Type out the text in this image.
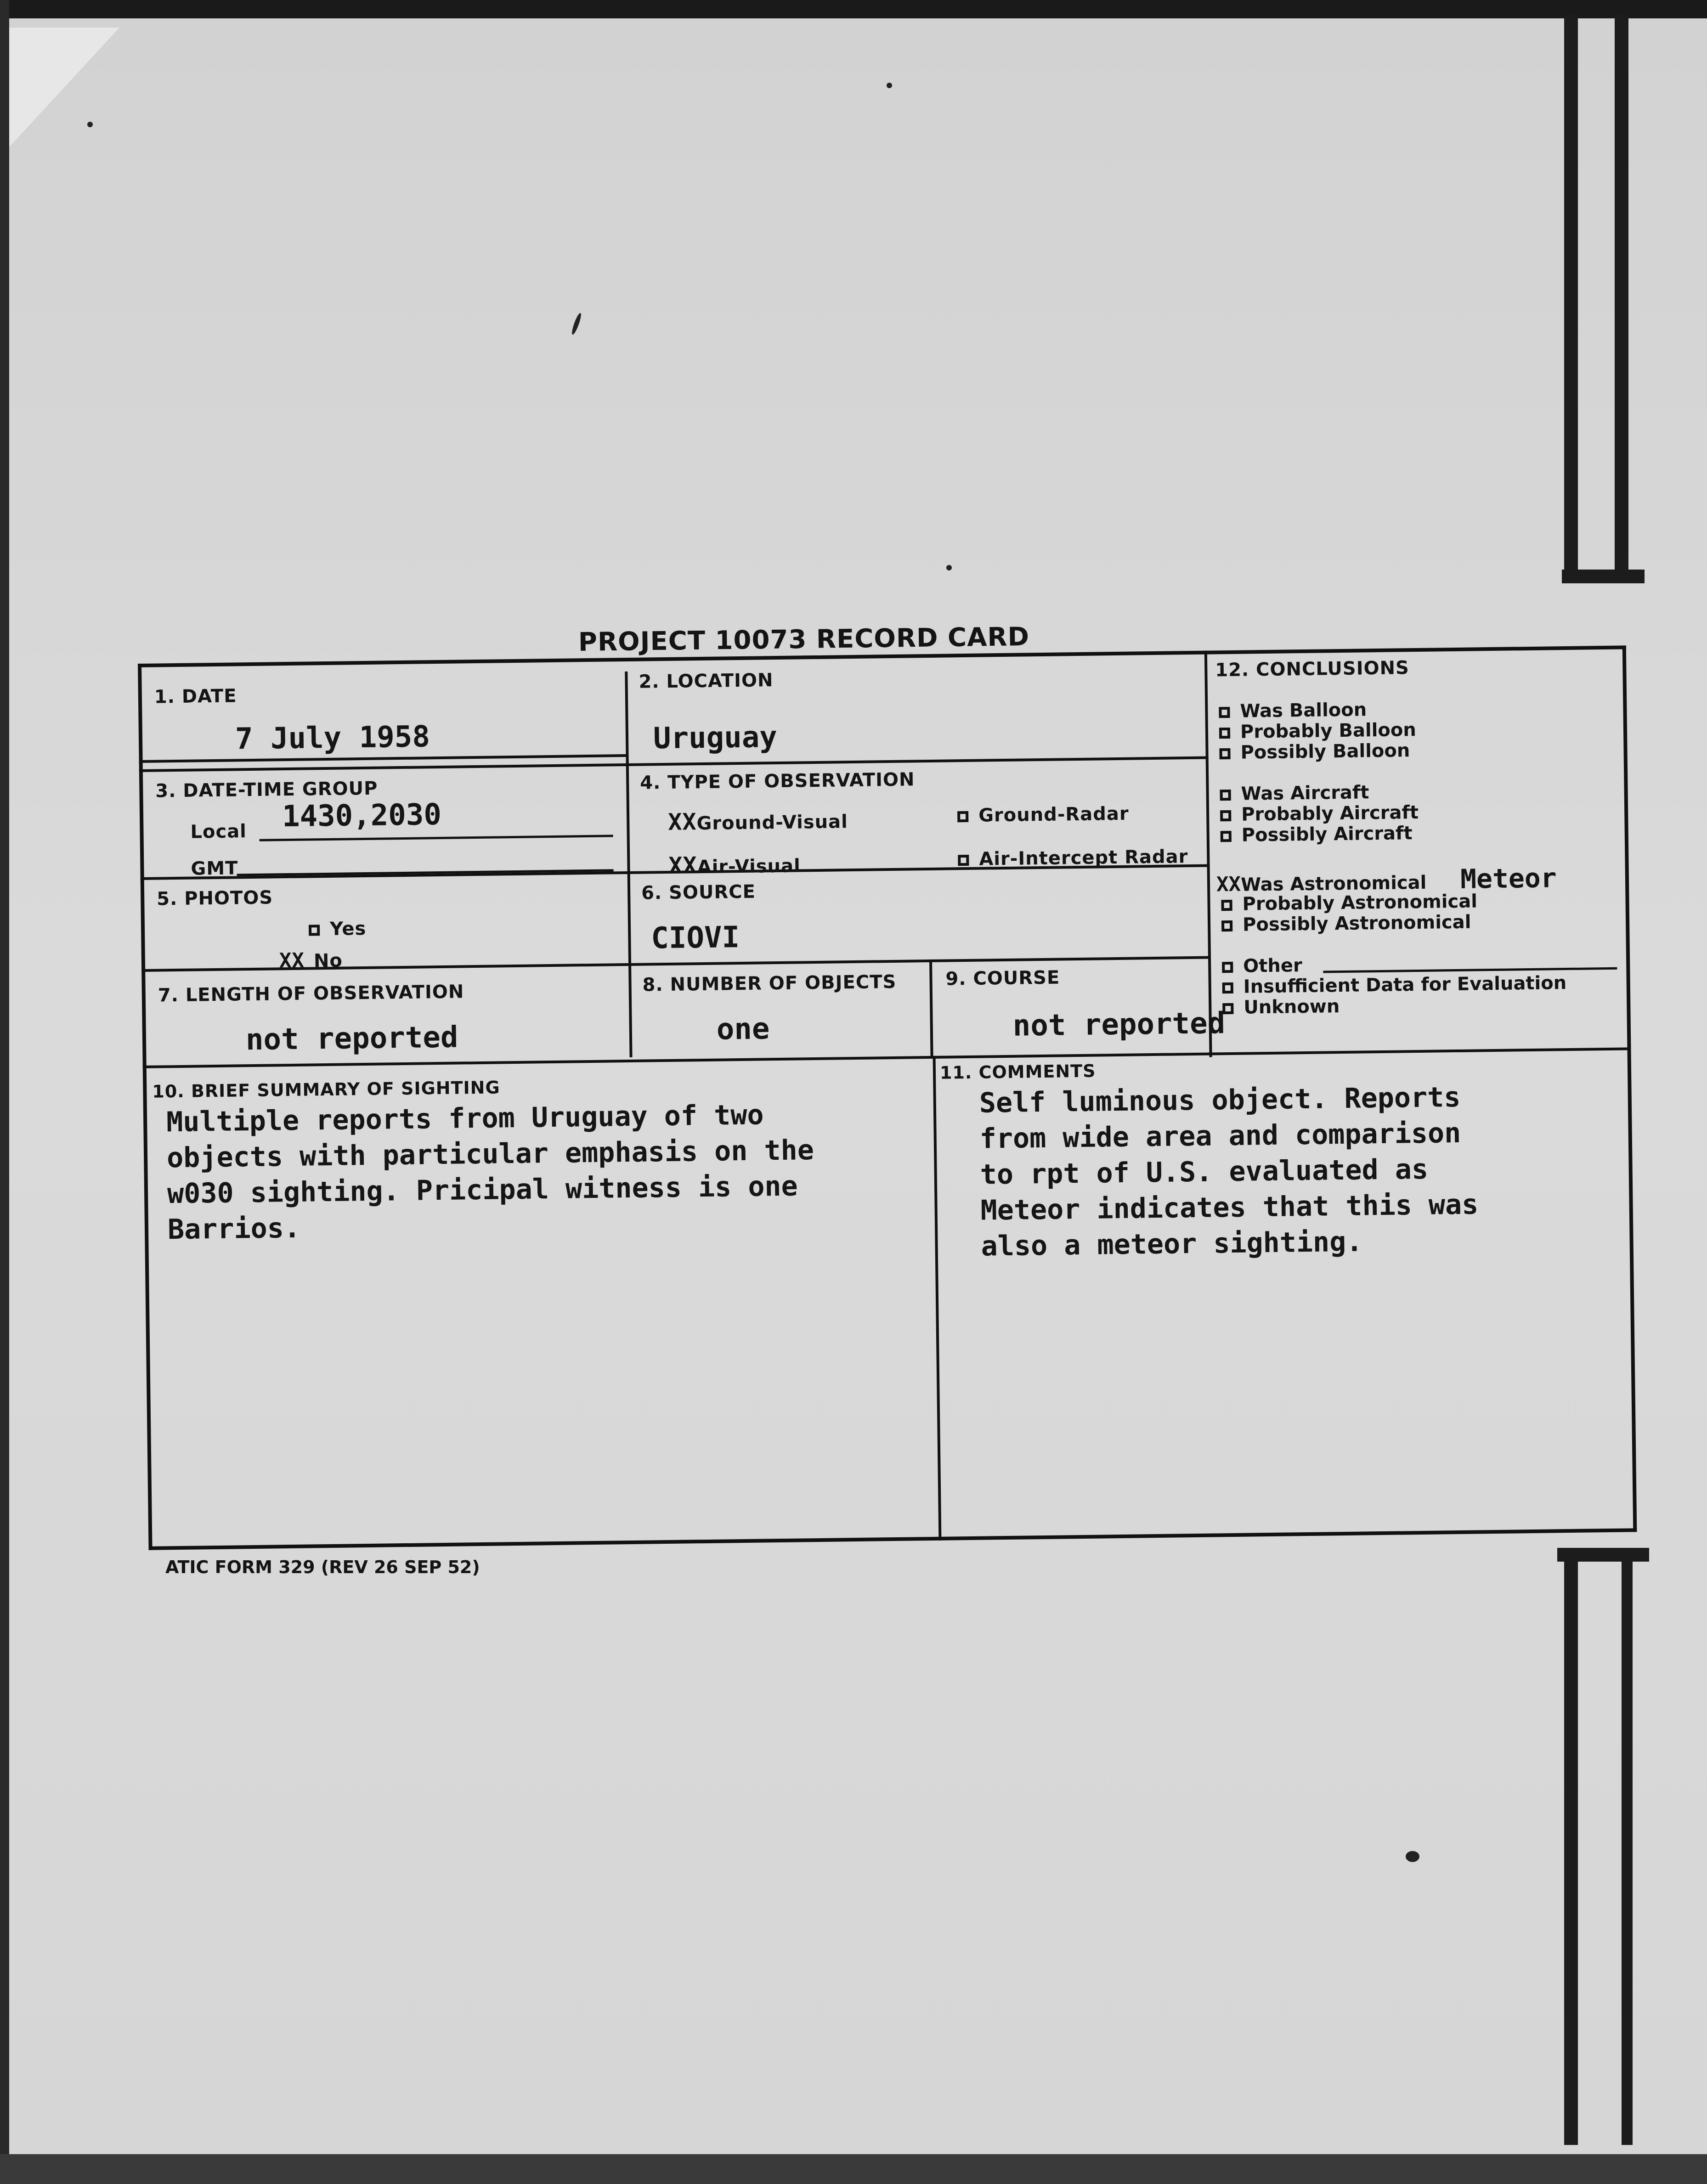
PROJECT 10073 RECORD CARD
1. DATE
7 July 1958
2. LOCATION
Uruguay
3. DATE-TIME GROUP
Local 1430,2030
GMT
4. TYPE OF OBSERVATION
XXGround-Visual	Ground-Radar
XXAir-Visual	Air-Intercept Radar
5. PHOTOS
Yes
XX No
6. SOURCE
CIOVI
7. LENGTH OF OBSERVATION
not reported
8. NUMBER OF OBJECTS
one
9. COURSE
not reported
10. BRIEF SUMMARY OF SIGHTING
Multiple reports from Uruguay of two
objects with particular emphasis on the
w030 sighting. Pricipal witness is one
Barrios.
11. COMMENTS
Self luminous object. Reports
from wide area and comparison
to rpt of U.S. evaluated as
Meteor indicates that this was
also a meteor sighting.
12. CONCLUSIONS
Was Balloon
Probably Balloon
Possibly Balloon
Was Aircraft
Probably Aircraft
Possibly Aircraft
XXWas Astronomical Meteor
Probably Astronomical
Possibly Astronomical
Other
Insufficient Data for Evaluation
Unknown
ATIC FORM 329 (REV 26 SEP 52)
